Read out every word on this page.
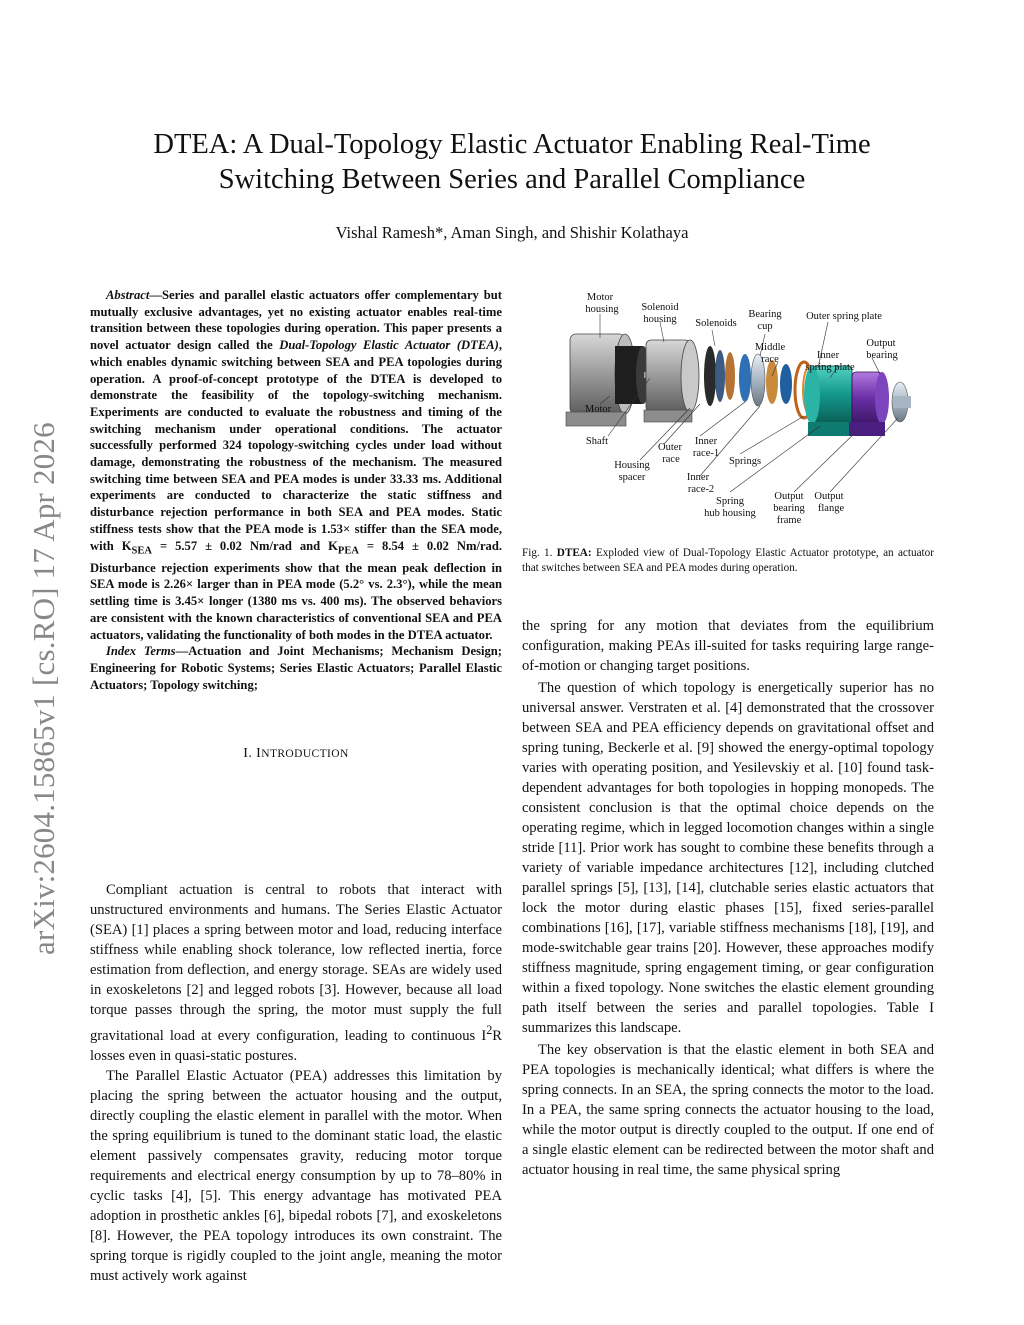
arXiv:2604.15865v1 [cs.RO] 17 Apr 2026
DTEA: A Dual-Topology Elastic Actuator Enabling Real-Time
Switching Between Series and Parallel Compliance
Vishal Ramesh*, Aman Singh, and Shishir Kolathaya

Abstract—Series and parallel elastic actuators offer complementary but mutually exclusive advantages, yet no existing actuator enables real-time transition between these topologies during operation. This paper presents a novel actuator design called the Dual-Topology Elastic Actuator (DTEA), which enables dynamic switching between SEA and PEA topologies during operation. A proof-of-concept prototype of the DTEA is developed to demonstrate the feasibility of the topology-switching mechanism. Experiments are conducted to evaluate the robustness and timing of the switching mechanism under operational conditions. The actuator successfully performed 324 topology-switching cycles under load without damage, demonstrating the robustness of the mechanism. The measured switching time between SEA and PEA modes is under 33.33 ms. Additional experiments are conducted to characterize the static stiffness and disturbance rejection performance in both SEA and PEA modes. Static stiffness tests show that the PEA mode is 1.53× stiffer than the SEA mode, with $K_{SEA} = 5.57 \pm 0.02$ Nm/rad and $K_{PEA} = 8.54 \pm 0.02$ Nm/rad. Disturbance rejection experiments show that the mean peak deflection in SEA mode is 2.26× larger than in PEA mode (5.2° vs. 2.3°), while the mean settling time is 3.45× longer (1380 ms vs. 400 ms). The observed behaviors are consistent with the known characteristics of conventional SEA and PEA actuators, validating the functionality of both modes in the DTEA actuator.

Index Terms—Actuation and Joint Mechanisms; Mechanism Design; Engineering for Robotic Systems; Series Elastic Actuators; Parallel Elastic Actuators; Topology switching;

I. INTRODUCTION

Compliant actuation is central to robots that interact with unstructured environments and humans. The Series Elastic Actuator (SEA) [1] places a spring between motor and load, reducing interface stiffness while enabling shock tolerance, low reflected inertia, force estimation from deflection, and energy storage. SEAs are widely used in exoskeletons [2] and legged robots [3]. However, because all load torque passes through the spring, the motor must supply the full gravitational load at every configuration, leading to continuous $I^2R$ losses even in quasi-static postures.

The Parallel Elastic Actuator (PEA) addresses this limitation by placing the spring between the actuator housing and the output, directly coupling the elastic element in parallel with the motor. When the spring equilibrium is tuned to the dominant static load, the elastic element passively compensates gravity, reducing motor torque requirements and electrical energy consumption by up to 78–80% in cyclic tasks [4], [5]. This energy advantage has motivated PEA adoption in prosthetic ankles [6], bipedal robots [7], and exoskeletons [8]. However, the PEA topology introduces its own constraint. The spring torque is rigidly coupled to the joint angle, meaning the motor must actively work against

Motor
housing Solenoid
housing Solenoids
Bearing
cup
Outer spring plate
Output
bearing
Middle
race	Inner
spring plate
Motor
Shaft
Outer
race
Inner
race-1
Springs
Housing
spacer	Inner
race-2
Spring
hub housing
Output
bearing
frame
Output
flange
Fig. 1. DTEA: Exploded view of Dual-Topology Elastic Actuator prototype, an actuator that switches between SEA and PEA modes during operation.

the spring for any motion that deviates from the equilibrium configuration, making PEAs ill-suited for tasks requiring large range-of-motion or changing target positions.

The question of which topology is energetically superior has no universal answer. Verstraten et al. [4] demonstrated that the crossover between SEA and PEA efficiency depends on gravitational offset and spring tuning, Beckerle et al. [9] showed the energy-optimal topology varies with operating position, and Yesilevskiy et al. [10] found task-dependent advantages for both topologies in hopping monopeds. The consistent conclusion is that the optimal choice depends on the operating regime, which in legged locomotion changes within a single stride [11]. Prior work has sought to combine these benefits through a variety of variable impedance architectures [12], including clutched parallel springs [5], [13], [14], clutchable series elastic actuators that lock the motor during elastic phases [15], fixed series-parallel combinations [16], [17], variable stiffness mechanisms [18], [19], and mode-switchable gear trains [20]. However, these approaches modify stiffness magnitude, spring engagement timing, or gear configuration within a fixed topology. None switches the elastic element grounding path itself between the series and parallel topologies. Table I summarizes this landscape.

The key observation is that the elastic element in both SEA and PEA topologies is mechanically identical; what differs is where the spring connects. In an SEA, the spring connects the motor to the load. In a PEA, the same spring connects the actuator housing to the load, while the motor output is directly coupled to the output. If one end of a single elastic element can be redirected between the motor shaft and actuator housing in real time, the same physical spring
